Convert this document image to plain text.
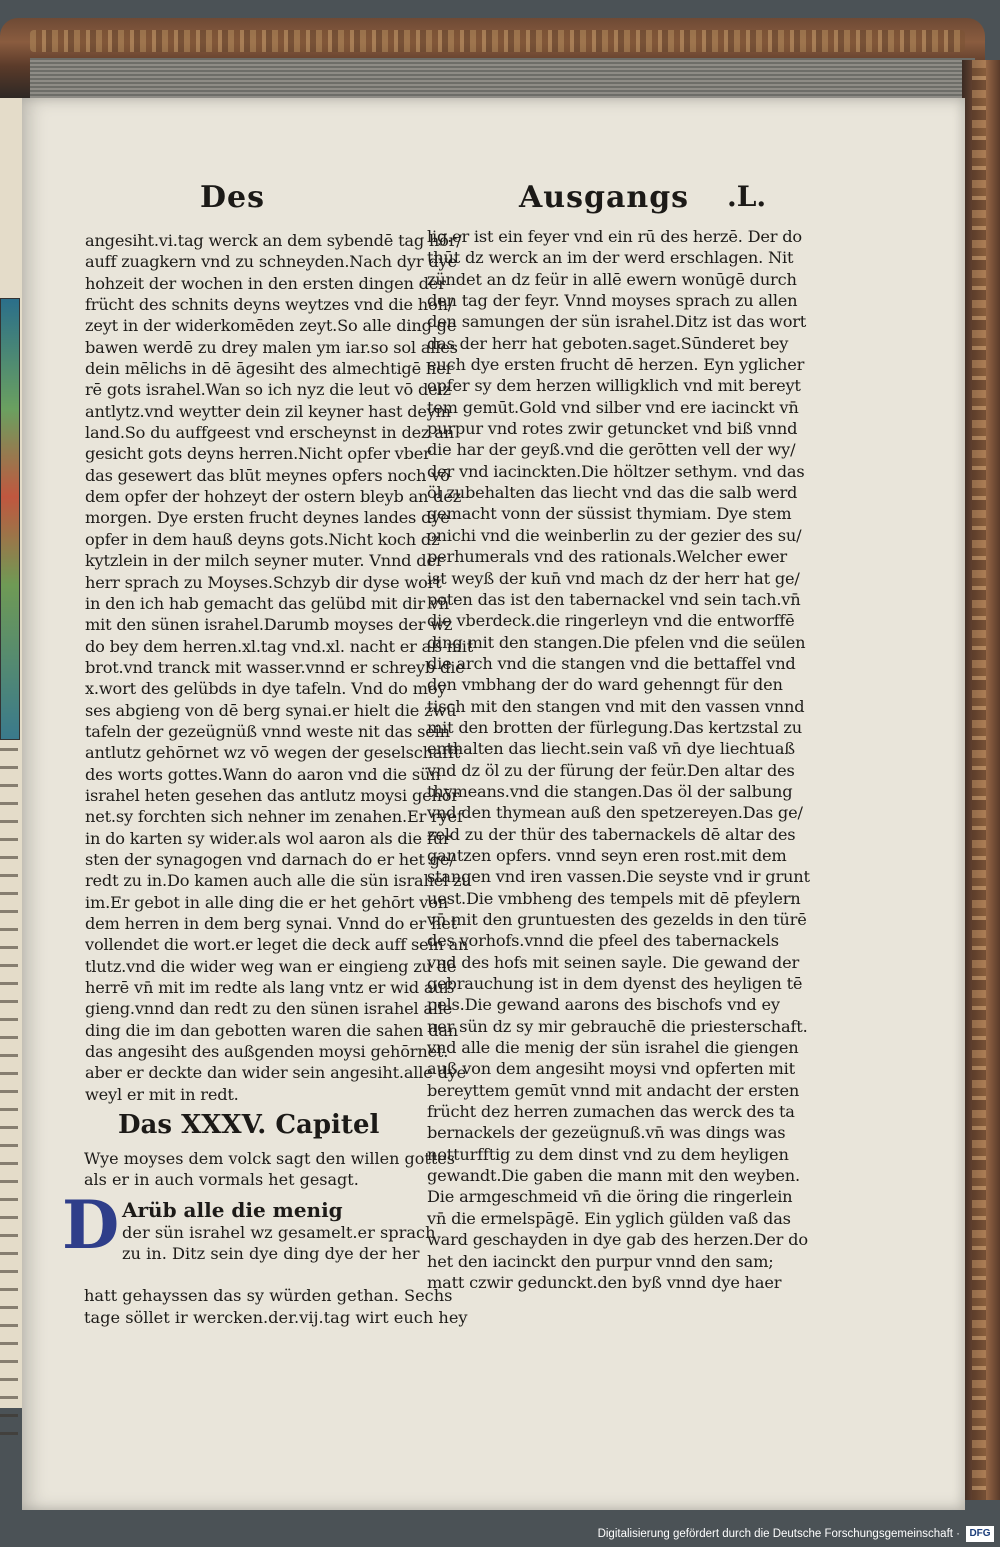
Des	Ausgangs .L.
angesiht.vi.tag werck an dem sybendē tag hōr/
auff zuagkern vnd zu schneyden.Nach dyr dye
hohzeit der wochen in den ersten dingen der
frücht des schnits deyns weytzes vnd die hoh/
zeyt in der widerkomēden zeyt.So alle ding ge
bawen werdē zu drey malen ym iar.so sol alles
dein mēlichs in dē āgesiht des almechtigē her
rē gots israhel.Wan so ich nyz die leut vō deiz
antlytz.vnd weytter dein zil keyner hast deym
land.So du auffgeest vnd erscheynst in dez an
gesicht gots deyns herren.Nicht opfer vber
das gesewert das blūt meynes opfers noch vō
dem opfer der hohzeyt der ostern bleyb an dez
morgen. Dye ersten frucht deynes landes dye
opfer in dem hauß deyns gots.Nicht koch dz
kytzlein in der milch seyner muter. Vnnd der
herr sprach zu Moyses.Schzyb dir dyse wort
in den ich hab gemacht das gelübd mit dir vn̄
mit den sünen israhel.Darumb moyses der wz
do bey dem herren.xl.tag vnd.xl. nacht er aß mit
brot.vnd tranck mit wasser.vnnd er schreyb die
x.wort des gelübds in dye tafeln. Vnd do moy
ses abgieng von dē berg synai.er hielt die zwū
tafeln der gezeügnüß vnnd weste nit das sein
antlutz gehōrnet wz vō wegen der geselschafft
des worts gottes.Wann do aaron vnd die sün
israhel heten gesehen das antlutz moysi gehōr
net.sy forchten sich nehner im zenahen.Er ryef
in do karten sy wider.als wol aaron als die für
sten der synagogen vnd darnach do er het ge/
redt zu in.Do kamen auch alle die sün israhel zu
im.Er gebot in alle ding die er het gehōrt von
dem herren in dem berg synai. Vnnd do er het
vollendet die wort.er leget die deck auff sein an
tlutz.vnd die wider weg wan er eingieng zu dē
herrē vn̄ mit im redte als lang vntz er wid auß
gieng.vnnd dan redt zu den sünen israhel alle
ding die im dan gebotten waren die sahen dan
das angesiht des außgenden moysi gehōrnet.
aber er deckte dan wider sein angesiht.alle dye
weyl er mit in redt.
Das XXXV. Capitel
Wye moyses dem volck sagt den willen gottes
als er in auch vormals het gesagt.
D Arüb alle die menig
der sün israhel wz gesamelt.er sprach
zu in. Ditz sein dye ding dye der her
hatt gehayssen das sy würden gethan. Sechs
tage söllet ir wercken.der.vij.tag wirt euch hey
lig.er ist ein feyer vnd ein rū des herzē. Der do
thūt dz werck an im der werd erschlagen. Nit
zündet an dz feür in allē ewern wonūgē durch
den tag der feyr. Vnnd moyses sprach zu allen
den samungen der sün israhel.Ditz ist das wort
das der herr hat geboten.saget.Sūnderet bey
euch dye ersten frucht dē herzen. Eyn yglicher
opfer sy dem herzen willigklich vnd mit bereyt
tem gemūt.Gold vnd silber vnd ere iacinckt vn̄
purpur vnd rotes zwir getuncket vnd biß vnnd
die har der geyß.vnd die gerōtten vell der wy/
der vnd iacinckten.Die höltzer sethym. vnd das
öl zubehalten das liecht vnd das die salb werd
gemacht vonn der süssist thymiam. Dye stem
onichi vnd die weinberlin zu der gezier des su/
perhumerals vnd des rationals.Welcher ewer
ist weyß der kun̄ vnd mach dz der herr hat ge/
poten das ist den tabernackel vnd sein tach.vn̄
die vberdeck.die ringerleyn vnd die entworffē
ding mit den stangen.Die pfelen vnd die seülen
die arch vnd die stangen vnd die bettaffel vnd
den vmbhang der do ward gehenngt für den
tisch mit den stangen vnd mit den vassen vnnd
mit den brotten der fürlegung.Das kertzstal zu
enthalten das liecht.sein vaß vn̄ dye liechtuaß
vnd dz öl zu der fürung der feür.Den altar des
thymeans.vnd die stangen.Das öl der salbung
vnd den thymean auß den spetzereyen.Das ge/
zeld zu der thür des tabernackels dē altar des
gantzen opfers. vnnd seyn eren rost.mit dem
stangen vnd iren vassen.Die seyste vnd ir grunt
uest.Die vmbheng des tempels mit dē pfeylern
vn̄ mit den gruntuesten des gezelds in den türē
des vorhofs.vnnd die pfeel des tabernackels
vnd des hofs mit seinen sayle. Die gewand der
gebrauchung ist in dem dyenst des heyligen tē
pels.Die gewand aarons des bischofs vnd ey
ner sün dz sy mir gebrauchē die priesterschaft.
vnd alle die menig der sün israhel die giengen
auß von dem angesiht moysi vnd opferten mit
bereyttem gemūt vnnd mit andacht der ersten
frücht dez herren zumachen das werck des ta
bernackels der gezeügnuß.vn̄ was dings was
notturfftig zu dem dinst vnd zu dem heyligen
gewandt.Die gaben die mann mit den weyben.
Die armgeschmeid vn̄ die öring die ringerlein
vn̄ die ermelspāgē. Ein yglich gülden vaß das
ward geschayden in dye gab des herzen.Der do
het den iacinckt den purpur vnnd den sam;
matt czwir gedunckt.den byß vnnd dye haer
Digitalisierung gefördert durch die Deutsche Forschungsgemeinschaft · DFG
